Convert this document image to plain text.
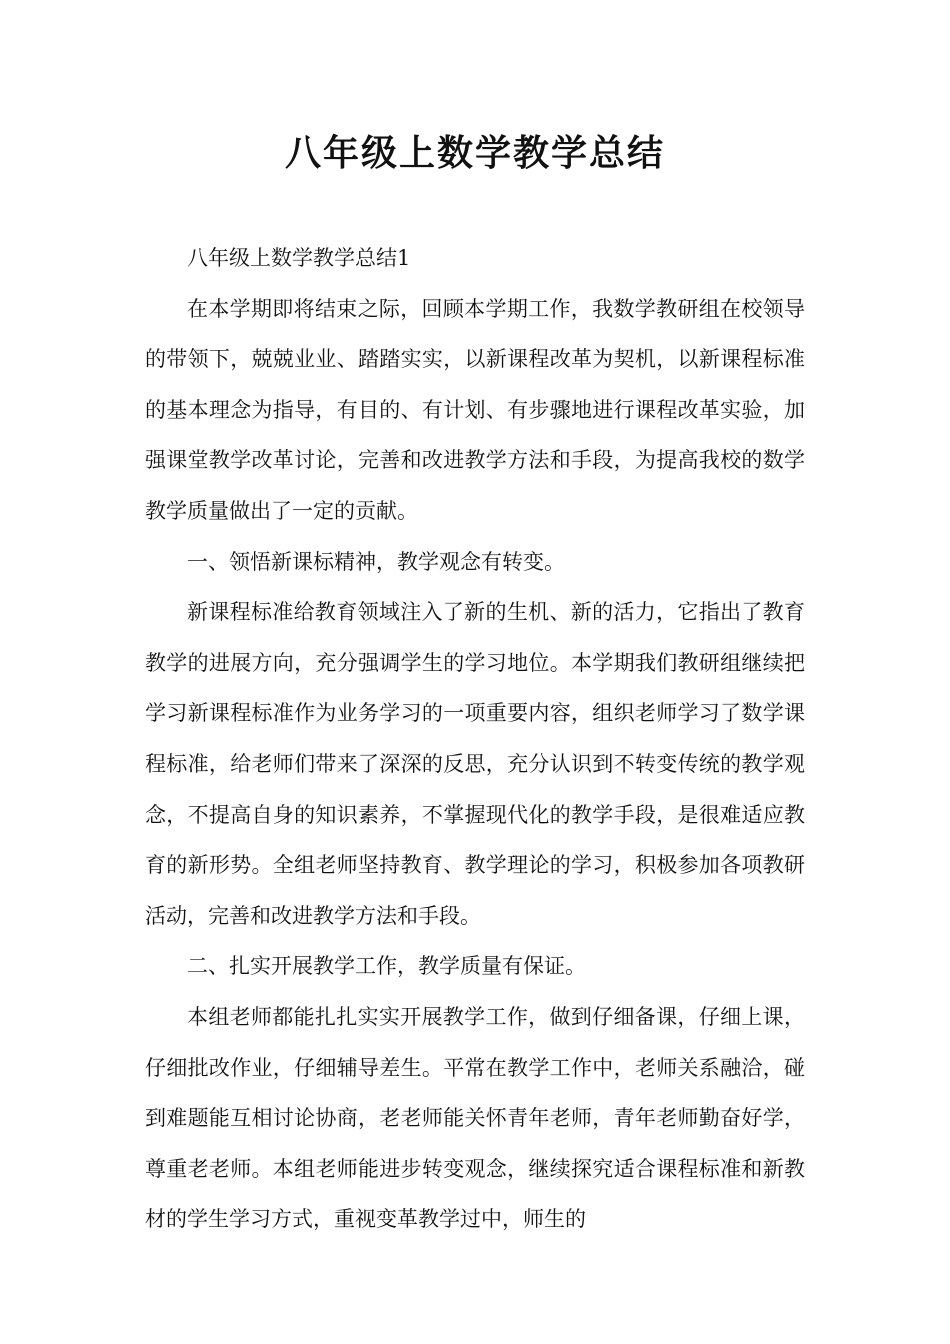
八年级上数学教学总结

八年级上数学教学总结1

在本学期即将结束之际，回顾本学期工作，我数学教研组在校领导的带领下，兢兢业业、踏踏实实，以新课程改革为契机，以新课程标准的基本理念为指导，有目的、有计划、有步骤地进行课程改革实验，加强课堂教学改革讨论，完善和改进教学方法和手段，为提高我校的数学教学质量做出了一定的贡献。

一、领悟新课标精神，教学观念有转变。

新课程标准给教育领域注入了新的生机、新的活力，它指出了教育教学的进展方向，充分强调学生的学习地位。本学期我们教研组继续把学习新课程标准作为业务学习的一项重要内容，组织老师学习了数学课程标准，给老师们带来了深深的反思，充分认识到不转变传统的教学观念，不提高自身的知识素养，不掌握现代化的教学手段，是很难适应教育的新形势。全组老师坚持教育、教学理论的学习，积极参加各项教研活动，完善和改进教学方法和手段。

二、扎实开展教学工作，教学质量有保证。

本组老师都能扎扎实实开展教学工作，做到仔细备课，仔细上课，仔细批改作业，仔细辅导差生。平常在教学工作中，老师关系融洽，碰到难题能互相讨论协商，老老师能关怀青年老师，青年老师勤奋好学，尊重老老师。本组老师能进步转变观念，继续探究适合课程标准和新教材的学生学习方式，重视变革教学过中，师生的
